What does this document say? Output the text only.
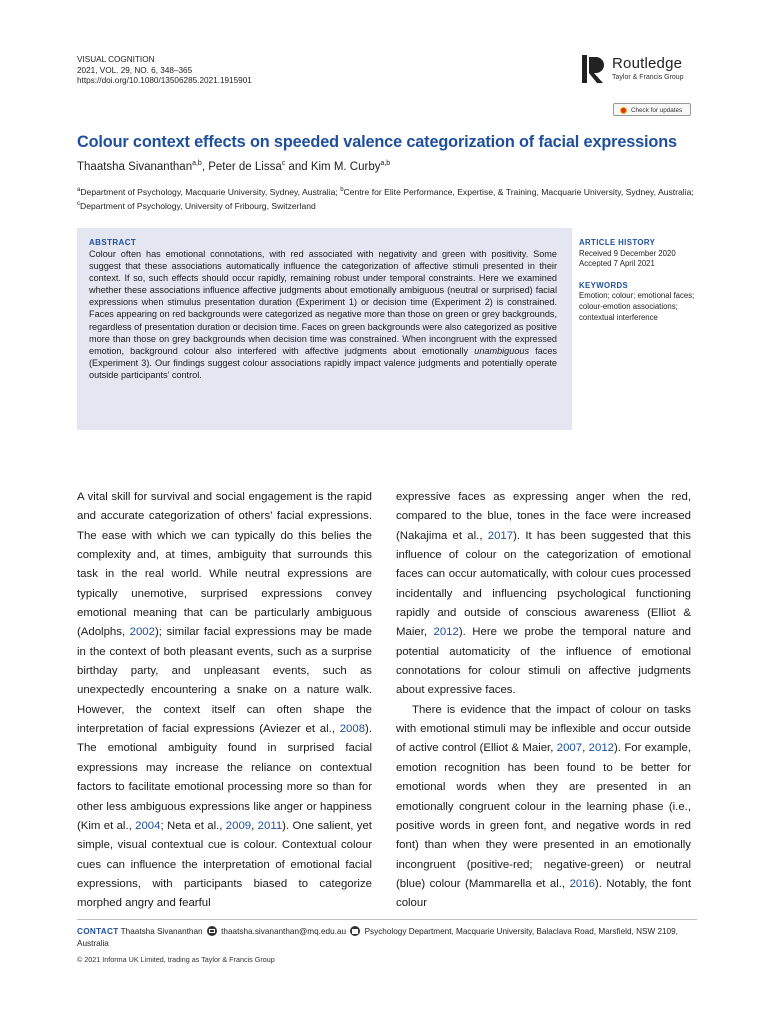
VISUAL COGNITION
2021, VOL. 29, NO. 6, 348–365
https://doi.org/10.1080/13506285.2021.1915901
Routledge
Taylor & Francis Group
Check for updates
Colour context effects on speeded valence categorization of facial expressions
Thaatsha Sivananthan$^{a,b}$, Peter de Lissa$^c$ and Kim M. Curby$^{a,b}$
$^a$Department of Psychology, Macquarie University, Sydney, Australia; $^b$Centre for Elite Performance, Expertise, & Training, Macquarie University, Sydney, Australia; $^c$Department of Psychology, University of Fribourg, Switzerland
ABSTRACT
Colour often has emotional connotations, with red associated with negativity and green with positivity. Some suggest that these associations automatically influence the categorization of affective stimuli presented in their context. If so, such effects should occur rapidly, remaining robust under temporal constraints. Here we examined whether these associations influence affective judgments about emotionally ambiguous (neutral or surprised) facial expressions when stimulus presentation duration (Experiment 1) or decision time (Experiment 2) is constrained. Faces appearing on red backgrounds were categorized as negative more than those on green or grey backgrounds, regardless of presentation duration or decision time. Faces on green backgrounds were also categorized as positive more than those on grey backgrounds when decision time was constrained. When incongruent with the expressed emotion, background colour also interfered with affective judgments about emotionally unambiguous faces (Experiment 3). Our findings suggest colour associations rapidly impact valence judgments and potentially operate outside participants’ control.
ARTICLE HISTORY
Received 9 December 2020
Accepted 7 April 2021
KEYWORDS
Emotion; colour; emotional faces; colour-emotion associations; contextual interference

A vital skill for survival and social engagement is the rapid and accurate categorization of others’ facial expressions. The ease with which we can typically do this belies the complexity and, at times, ambiguity that surrounds this task in the real world. While neutral expressions are typically unemotive, surprised expressions convey emotional meaning that can be particularly ambiguous (Adolphs, 2002); similar facial expressions may be made in the context of both pleasant events, such as a surprise birthday party, and unpleasant events, such as unexpectedly encountering a snake on a nature walk. However, the context itself can often shape the interpretation of facial expressions (Aviezer et al., 2008). The emotional ambiguity found in surprised facial expressions may increase the reliance on contextual factors to facilitate emotional processing more so than for other less ambiguous expressions like anger or happiness (Kim et al., 2004; Neta et al., 2009, 2011). One salient, yet simple, visual contextual cue is colour. Contextual colour cues can influence the interpretation of emotional facial expressions, with participants biased to categorize morphed angry and fearful

expressive faces as expressing anger when the red, compared to the blue, tones in the face were increased (Nakajima et al., 2017). It has been suggested that this influence of colour on the categorization of emotional faces can occur automatically, with colour cues processed incidentally and influencing psychological functioning rapidly and outside of conscious awareness (Elliot & Maier, 2012). Here we probe the temporal nature and potential automaticity of the influence of emotional connotations for colour stimuli on affective judgments about expressive faces.

There is evidence that the impact of colour on tasks with emotional stimuli may be inflexible and occur outside of active control (Elliot & Maier, 2007, 2012). For example, emotion recognition has been found to be better for emotional words when they are presented in an emotionally congruent colour in the learning phase (i.e., positive words in green font, and negative words in red font) than when they were presented in an emotionally incongruent (positive-red; negative-green) or neutral (blue) colour (Mammarella et al., 2016). Notably, the font colour

CONTACT Thaatsha Sivananthan thaatsha.sivananthan@mq.edu.au Psychology Department, Macquarie University, Balaclava Road, Marsfield, NSW 2109, Australia
© 2021 Informa UK Limited, trading as Taylor & Francis Group
